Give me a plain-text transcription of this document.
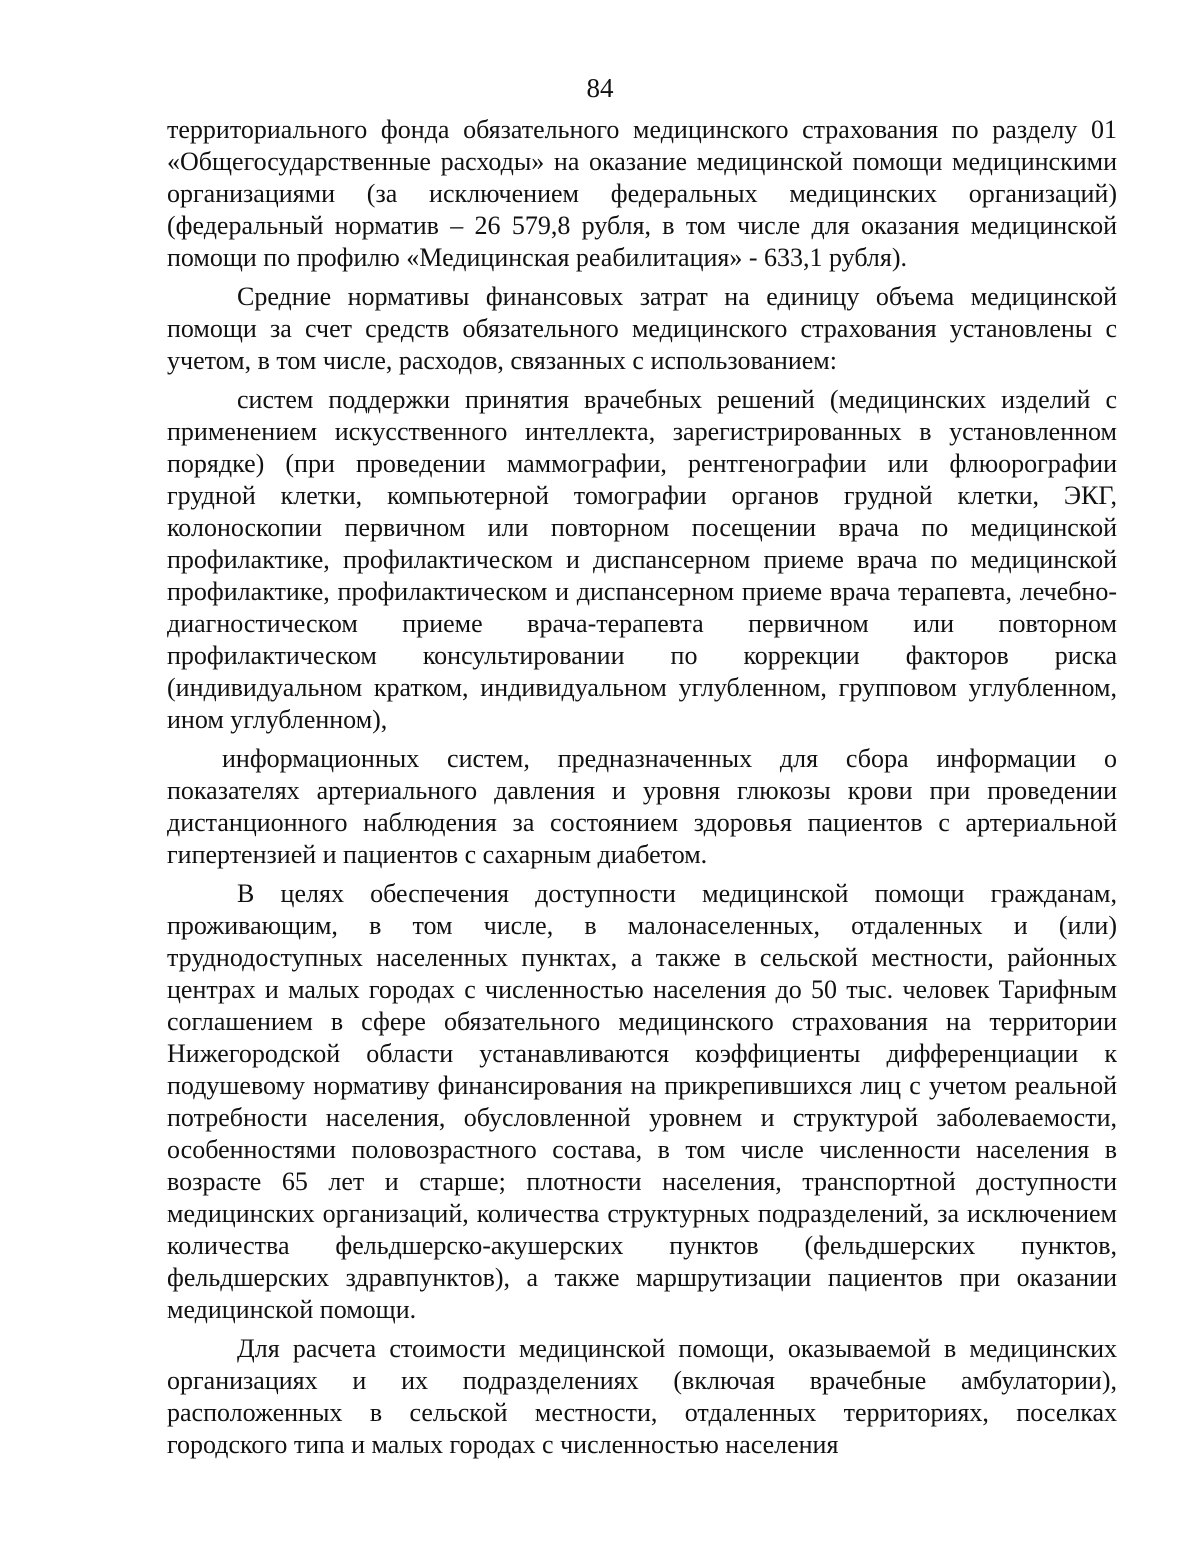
84

территориального фонда обязательного медицинского страхования по разделу 01 «Общегосударственные расходы» на оказание медицинской помощи медицинскими организациями (за исключением федеральных медицинских организаций) (федеральный норматив – 26 579,8 рубля, в том числе для оказания медицинской помощи по профилю «Медицинская реабилитация» - 633,1 рубля).

Средние нормативы финансовых затрат на единицу объема медицинской помощи за счет средств обязательного медицинского страхования установлены с учетом, в том числе, расходов, связанных с использованием:

систем поддержки принятия врачебных решений (медицинских изделий с применением искусственного интеллекта, зарегистрированных в установленном порядке) (при проведении маммографии, рентгенографии или флюорографии грудной клетки, компьютерной томографии органов грудной клетки, ЭКГ, колоноскопии первичном или повторном посещении врача по медицинской профилактике, профилактическом и диспансерном приеме врача по медицинской профилактике, профилактическом и диспансерном приеме врача терапевта, лечебно-диагностическом приеме врача-терапевта первичном или повторном профилактическом консультировании по коррекции факторов риска (индивидуальном кратком, индивидуальном углубленном, групповом углубленном, ином углубленном),

информационных систем, предназначенных для сбора информации о показателях артериального давления и уровня глюкозы крови при проведении дистанционного наблюдения за состоянием здоровья пациентов с артериальной гипертензией и пациентов с сахарным диабетом.

В целях обеспечения доступности медицинской помощи гражданам, проживающим, в том числе, в малонаселенных, отдаленных и (или) труднодоступных населенных пунктах, а также в сельской местности, районных центрах и малых городах с численностью населения до 50 тыс. человек Тарифным соглашением в сфере обязательного медицинского страхования на территории Нижегородской области устанавливаются коэффициенты дифференциации к подушевому нормативу финансирования на прикрепившихся лиц с учетом реальной потребности населения, обусловленной уровнем и структурой заболеваемости, особенностями половозрастного состава, в том числе численности населения в возрасте 65 лет и старше; плотности населения, транспортной доступности медицинских организаций, количества структурных подразделений, за исключением количества фельдшерско-акушерских пунктов (фельдшерских пунктов, фельдшерских здравпунктов), а также маршрутизации пациентов при оказании медицинской помощи.

Для расчета стоимости медицинской помощи, оказываемой в медицинских организациях и их подразделениях (включая врачебные амбулатории), расположенных в сельской местности, отдаленных территориях, поселках городского типа и малых городах с численностью населения
